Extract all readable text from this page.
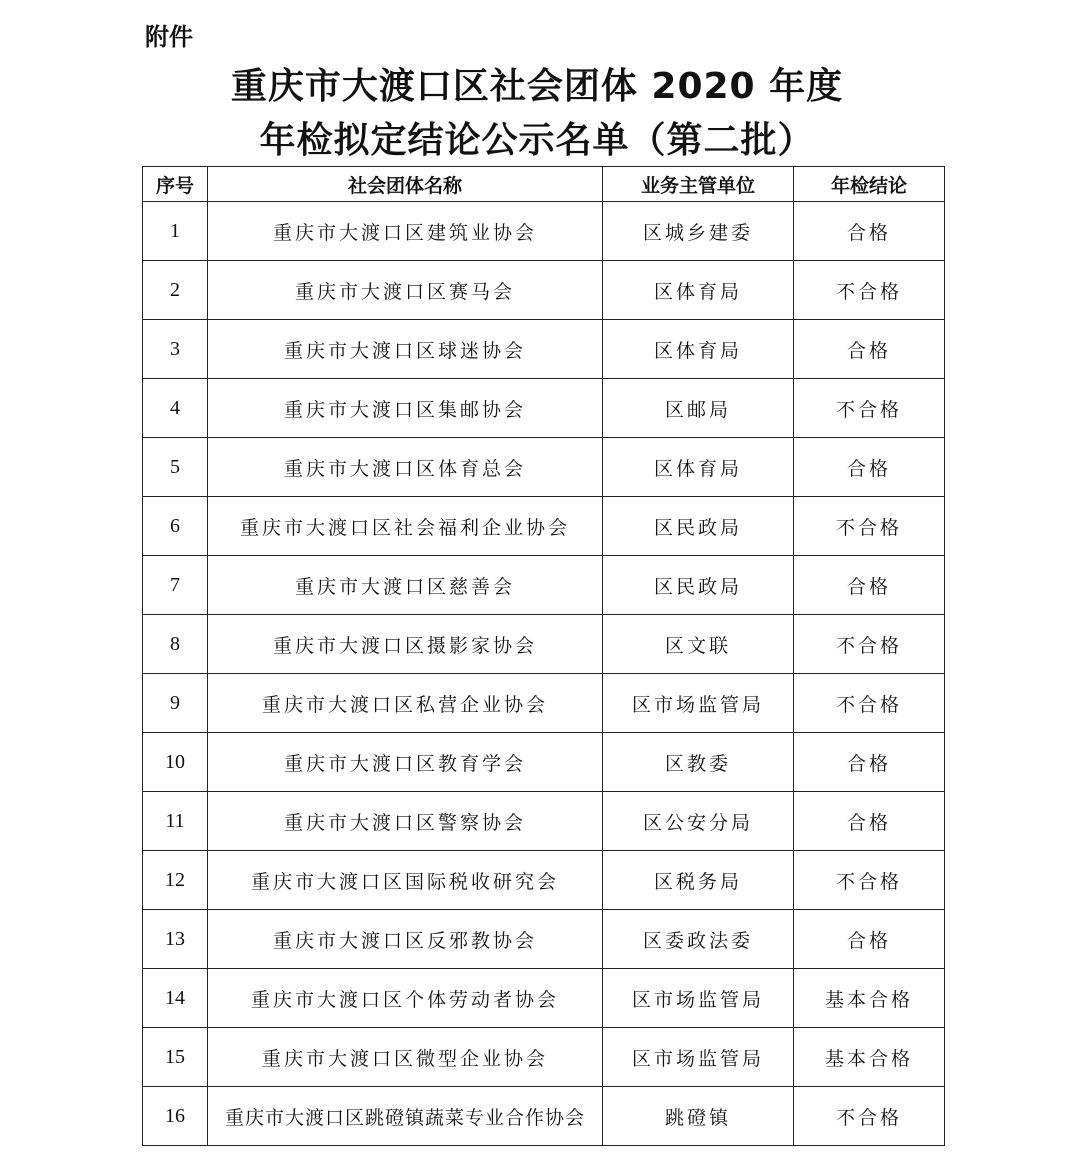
附件
重庆市大渡口区社会团体 2020 年度
年检拟定结论公示名单（第二批）
序号	社会团体名称	业务主管单位	年检结论
1	重庆市大渡口区建筑业协会	区城乡建委	合格
2	重庆市大渡口区赛马会	区体育局	不合格
3	重庆市大渡口区球迷协会	区体育局	合格
4	重庆市大渡口区集邮协会	区邮局	不合格
5	重庆市大渡口区体育总会	区体育局	合格
6	重庆市大渡口区社会福利企业协会	区民政局	不合格
7	重庆市大渡口区慈善会	区民政局	合格
8	重庆市大渡口区摄影家协会	区文联	不合格
9	重庆市大渡口区私营企业协会	区市场监管局	不合格
10	重庆市大渡口区教育学会	区教委	合格
11	重庆市大渡口区警察协会	区公安分局	合格
12	重庆市大渡口区国际税收研究会	区税务局	不合格
13	重庆市大渡口区反邪教协会	区委政法委	合格
14	重庆市大渡口区个体劳动者协会	区市场监管局	基本合格
15	重庆市大渡口区微型企业协会	区市场监管局	基本合格
16	重庆市大渡口区跳磴镇蔬菜专业合作协会	跳磴镇	不合格
